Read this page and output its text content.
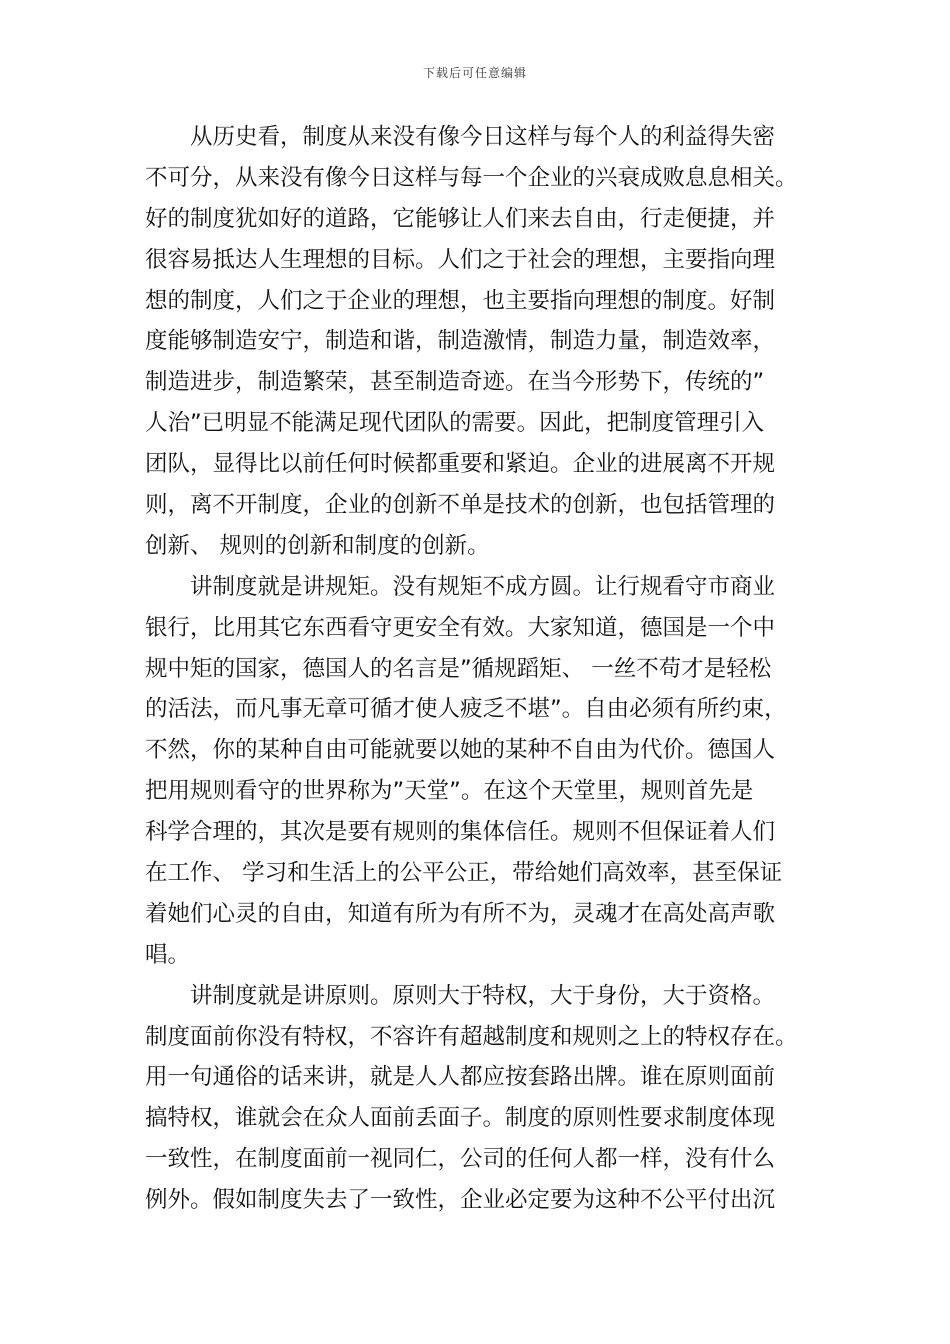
下载后可任意编辑
从历史看，制度从来没有像今日这样与每个人的利益得失密
不可分，从来没有像今日这样与每一个企业的兴衰成败息息相关。
好的制度犹如好的道路，它能够让人们来去自由，行走便捷，并
很容易抵达人生理想的目标。人们之于社会的理想，主要指向理
想的制度，人们之于企业的理想，也主要指向理想的制度。好制
度能够制造安宁，制造和谐，制造激情，制造力量，制造效率，
制造进步，制造繁荣，甚至制造奇迹。在当今形势下，传统的”
人治”已明显不能满足现代团队的需要。因此，把制度管理引入
团队，显得比以前任何时候都重要和紧迫。企业的进展离不开规
则，离不开制度，企业的创新不单是技术的创新，也包括管理的
创新、 规则的创新和制度的创新。
讲制度就是讲规矩。没有规矩不成方圆。让行规看守市商业
银行，比用其它东西看守更安全有效。大家知道，德国是一个中
规中矩的国家，德国人的名言是”循规蹈矩、 一丝不苟才是轻松
的活法，而凡事无章可循才使人疲乏不堪”。自由必须有所约束，
不然，你的某种自由可能就要以她的某种不自由为代价。德国人
把用规则看守的世界称为”天堂”。在这个天堂里，规则首先是
科学合理的，其次是要有规则的集体信任。规则不但保证着人们
在工作、 学习和生活上的公平公正，带给她们高效率，甚至保证
着她们心灵的自由，知道有所为有所不为，灵魂才在高处高声歌
唱。
讲制度就是讲原则。原则大于特权，大于身份，大于资格。
制度面前你没有特权，不容许有超越制度和规则之上的特权存在。
用一句通俗的话来讲，就是人人都应按套路出牌。谁在原则面前
搞特权，谁就会在众人面前丢面子。制度的原则性要求制度体现
一致性，在制度面前一视同仁，公司的任何人都一样，没有什么
例外。假如制度失去了一致性，企业必定要为这种不公平付出沉
